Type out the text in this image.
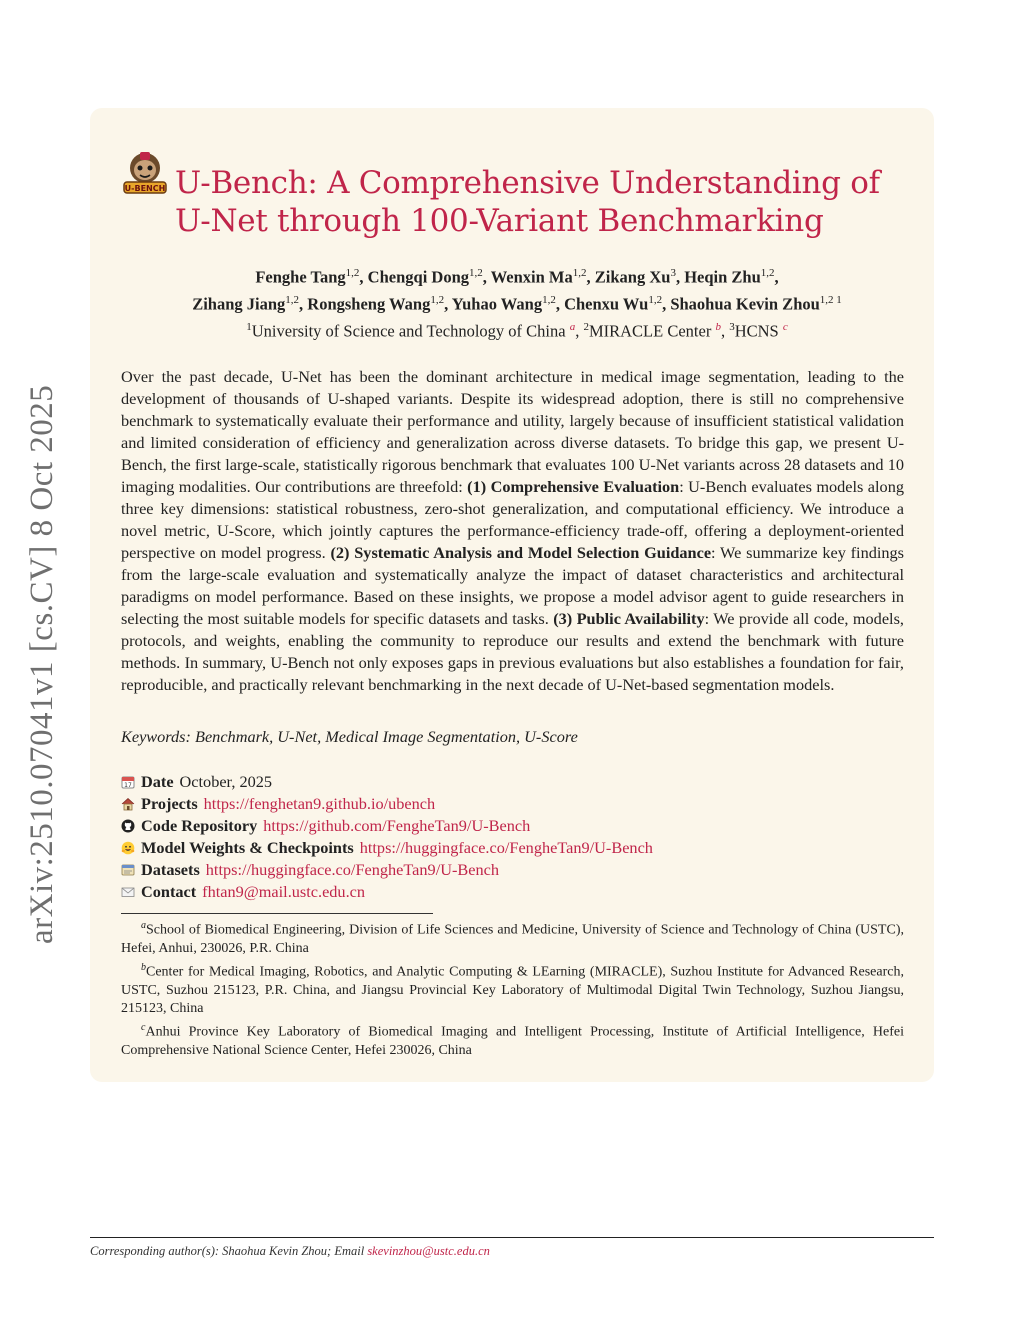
arXiv:2510.07041v1 [cs.CV] 8 Oct 2025
U-BENCH U-Bench: A Comprehensive Understanding of U-Net through 100-Variant Benchmarking
Fenghe Tang$^{1,2}$, Chengqi Dong$^{1,2}$, Wenxin Ma$^{1,2}$, Zikang Xu$^3$, Heqin Zhu$^{1,2}$,
Zihang Jiang$^{1,2}$, Rongsheng Wang$^{1,2}$, Yuhao Wang$^{1,2}$, Chenxu Wu$^{1,2}$, Shaohua Kevin Zhou$^{1,2 1}$
$^1$University of Science and Technology of China $^a$, $^2$MIRACLE Center $^b$, $^3$HCNS $^c$

Over the past decade, U-Net has been the dominant architecture in medical image segmentation, leading to the development of thousands of U-shaped variants. Despite its widespread adoption, there is still no comprehensive benchmark to systematically evaluate their performance and utility, largely because of insufficient statistical validation and limited consideration of efficiency and generalization across diverse datasets. To bridge this gap, we present U-Bench, the first large-scale, statistically rigorous benchmark that evaluates 100 U-Net variants across 28 datasets and 10 imaging modalities. Our contributions are threefold: (1) Comprehensive Evaluation: U-Bench evaluates models along three key dimensions: statistical robustness, zero-shot generalization, and computational efficiency. We introduce a novel metric, U-Score, which jointly captures the performance-efficiency trade-off, offering a deployment-oriented perspective on model progress. (2) Systematic Analysis and Model Selection Guidance: We summarize key findings from the large-scale evaluation and systematically analyze the impact of dataset characteristics and architectural paradigms on model performance. Based on these insights, we propose a model advisor agent to guide researchers in selecting the most suitable models for specific datasets and tasks. (3) Public Availability: We provide all code, models, protocols, and weights, enabling the community to reproduce our results and extend the benchmark with future methods. In summary, U-Bench not only exposes gaps in previous evaluations but also establishes a foundation for fair, reproducible, and practically relevant benchmarking in the next decade of U-Net-based segmentation models.

Keywords: Benchmark, U-Net, Medical Image Segmentation, U-Score
17 Date October, 2025
Projects https://fenghetan9.github.io/ubench
Code Repository https://github.com/FengheTan9/U-Bench
Model Weights & Checkpoints https://huggingface.co/FengheTan9/U-Bench
Datasets https://huggingface.co/FengheTan9/U-Bench
Contact fhtan9@mail.ustc.edu.cn

$^a$School of Biomedical Engineering, Division of Life Sciences and Medicine, University of Science and Technology of China (USTC), Hefei, Anhui, 230026, P.R. China

$^b$Center for Medical Imaging, Robotics, and Analytic Computing & LEarning (MIRACLE), Suzhou Institute for Advanced Research, USTC, Suzhou 215123, P.R. China, and Jiangsu Provincial Key Laboratory of Multimodal Digital Twin Technology, Suzhou Jiangsu, 215123, China

$^c$Anhui Province Key Laboratory of Biomedical Imaging and Intelligent Processing, Institute of Artificial Intelligence, Hefei Comprehensive National Science Center, Hefei 230026, China

Corresponding author(s): Shaohua Kevin Zhou; Email skevinzhou@ustc.edu.cn
